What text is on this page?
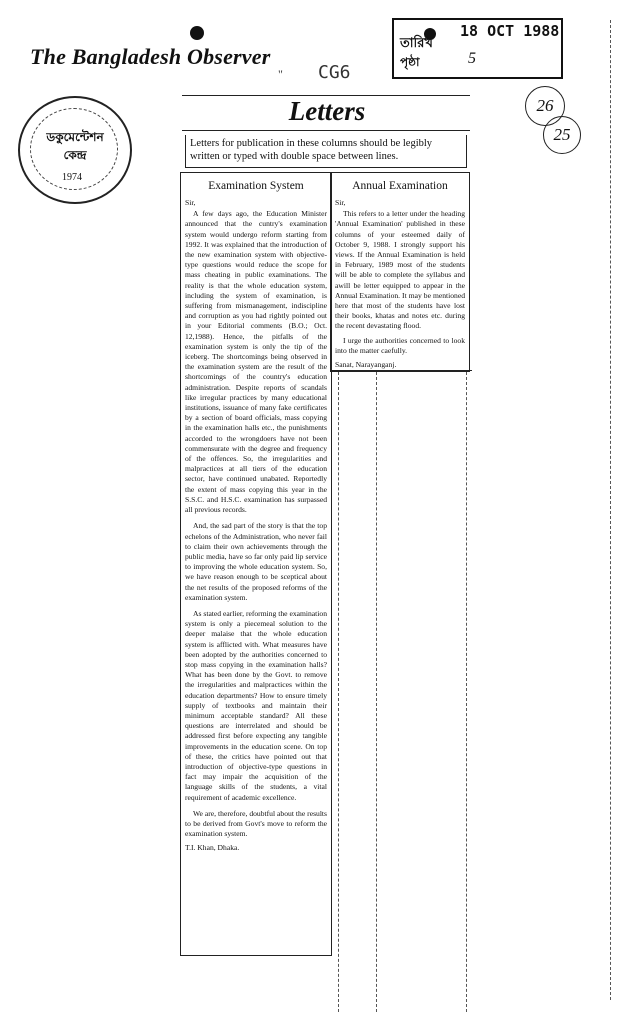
The Bangladesh Observer
" CG6
18 OCT 1988
তারিখ
পৃষ্ঠা	5
ডকুমেন্টেশন কেন্দ্র
1974
26
25
Letters
Letters for publication in these columns should be legibly written or typed with double space between lines.
Examination System
Sir,

A few days ago, the Education Minister announced that the cuntry's examination system would undergo reform starting from 1992. It was explained that the introduction of the new examination system with objective-type questions would reduce the scope for mass cheating in public examinations. The reality is that the whole education system, including the system of examination, is suffering from mismanagement, indiscipline and corruption as you had rightly pointed out in your Editorial comments (B.O.; Oct. 12,1988). Hence, the pitfalls of the examination system is only the tip of the iceberg. The shortcomings being observed in the examination system are the result of the shortcomings of the country's education administration. Despite reports of scandals like irregular practices by many educational institutions, issuance of many fake certificates by a section of board officials, mass copying in the examination halls etc., the punishments accorded to the wrongdoers have not been commensurate with the degree and frequency of the offences. So, the irregularities and malpractices at all tiers of the education sector, have continued unabated. Reportedly the extent of mass copying this year in the S.S.C. and H.S.C. examination has surpassed all previous records.

And, the sad part of the story is that the top echelons of the Administration, who never fail to claim their own achievements through the public media, have so far only paid lip service to improving the whole education system. So, we have reason enough to be sceptical about the net results of the proposed reforms of the examination system.

As stated earlier, reforming the examination system is only a piecemeal solution to the deeper malaise that the whole education system is afflicted with. What measures have been adopted by the authorities concerned to stop mass copying in the examination halls? What has been done by the Govt. to remove the irregularities and malpractices within the education departments? How to ensure timely supply of textbooks and maintain their minimum acceptable standard? All these questions are interrelated and should be addressed first before expecting any tangible improvements in the education scene. On top of these, the critics have pointed out that introduction of objective-type questions in fact may impair the acquisition of the language skills of the students, a vital requirement of academic excellence.

We are, therefore, doubtful about the results to be derived from Govt's move to reform the examination system.

T.I. Khan, Dhaka.
Annual Examination
Sir,

This refers to a letter under the heading 'Annual Examination' published in these columns of your esteemed daily of October 9, 1988. I strongly support his views. If the Annual Examination is held in February, 1989 most of the students will be able to complete the syllabus and awill be letter equipped to appear in the Annual Examination. It may be mentioned here that most of the students have lost their books, khatas and notes etc. during the recent devastating flood.

I urge the authorities concerned to look into the matter caefully.

Sanat, Narayanganj.
